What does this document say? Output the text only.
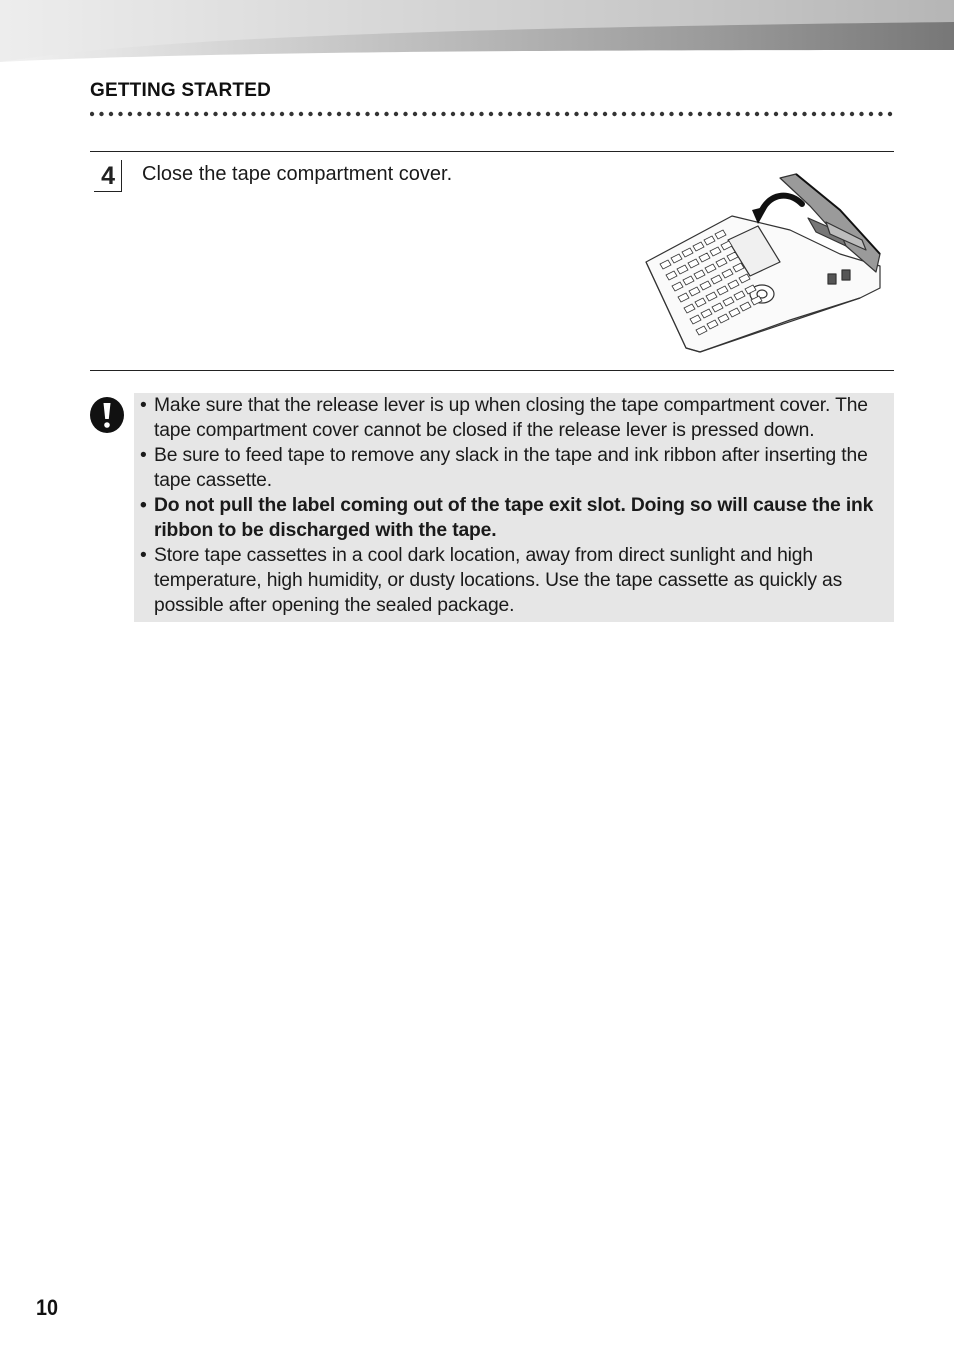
GETTING STARTED
4	Close the tape compartment cover.
• Make sure that the release lever is up when closing the tape compartment cover. The tape compartment cover cannot be closed if the release lever is pressed down.
• Be sure to feed tape to remove any slack in the tape and ink ribbon after inserting the tape cassette.
• Do not pull the label coming out of the tape exit slot. Doing so will cause the ink ribbon to be discharged with the tape.
• Store tape cassettes in a cool dark location, away from direct sunlight and high temperature, high humidity, or dusty locations. Use the tape cassette as quickly as possible after opening the sealed package.
10
